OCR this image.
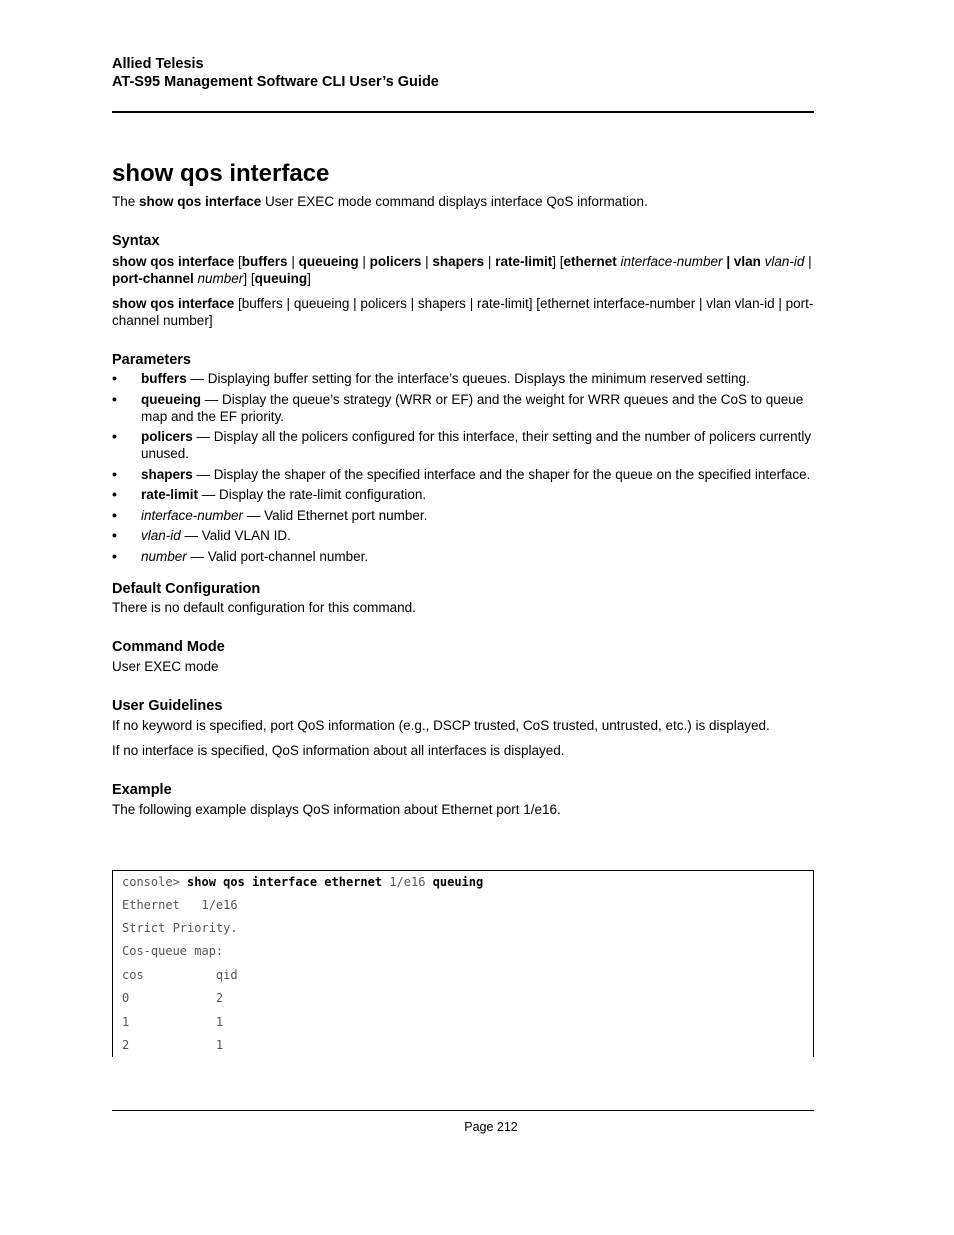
Allied Telesis
AT-S95 Management Software CLI User’s Guide
show qos interface

The show qos interface User EXEC mode command displays interface QoS information.

Syntax

show qos interface [buffers | queueing | policers | shapers | rate-limit] [ethernet interface-number | vlan vlan-id | port-channel number] [queuing]

show qos interface [buffers | queueing | policers | shapers | rate-limit] [ethernet interface-number | vlan vlan-id | port-channel number]

Parameters
• buffers — Displaying buffer setting for the interface’s queues. Displays the minimum reserved setting.
• queueing — Display the queue’s strategy (WRR or EF) and the weight for WRR queues and the CoS to queue map and the EF priority.
• policers — Display all the policers configured for this interface, their setting and the number of policers currently unused.
• shapers — Display the shaper of the specified interface and the shaper for the queue on the specified interface.
• rate-limit — Display the rate-limit configuration.
• interface-number — Valid Ethernet port number.
• vlan-id — Valid VLAN ID.
• number — Valid port-channel number.
Default Configuration

There is no default configuration for this command.

Command Mode

User EXEC mode

User Guidelines

If no keyword is specified, port QoS information (e.g., DSCP trusted, CoS trusted, untrusted, etc.) is displayed.

If no interface is specified, QoS information about all interfaces is displayed.

Example

The following example displays QoS information about Ethernet port 1/e16.

console> show qos interface ethernet 1/e16 queuing
Ethernet   1/e16
Strict Priority.
Cos-queue map:
cos          qid
0            2
1            1
2            1
Page 212
